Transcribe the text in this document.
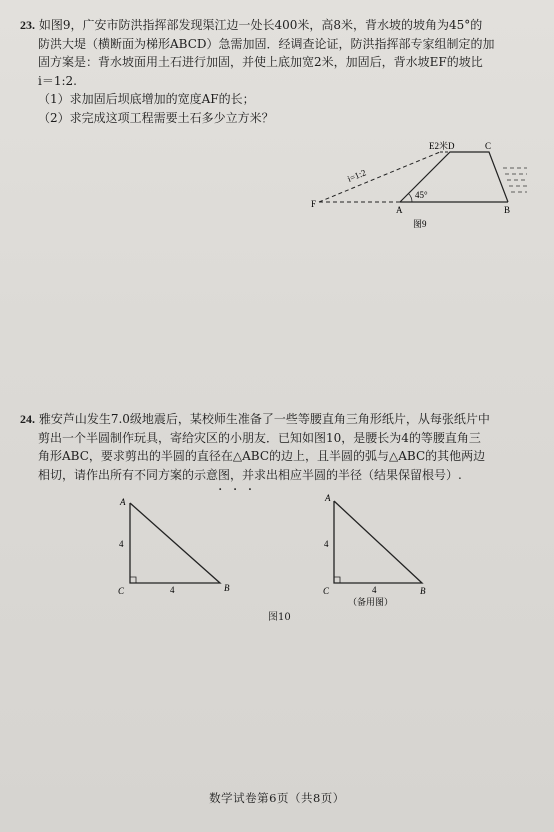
23. 如图9，广安市防洪指挥部发现渠江边一处长400米，高8米，背水坡的坡角为45°的

防洪大堤（横断面为梯形ABCD）急需加固．经调查论证，防洪指挥部专家组制定的加

固方案是：背水坡面用土石进行加固，并使上底加宽2米，加固后，背水坡EF的坡比

i＝1:2.

（1）求加固后坝底增加的宽度AF的长；

（2）求完成这项工程需要土石多少立方米？

45°
i=1:2
E2米D	C
F
A	B
图9

24. 雅安芦山发生7.0级地震后，某校师生准备了一些等腰直角三角形纸片，从每张纸片中

剪出一个半圆制作玩具，寄给灾区的小朋友．已知如图10，是腰长为4的等腰直角三

角形ABC，要求剪出的半圆的直径在△ABC的边上，且半圆的弧与△ABC的其他两边

相切，请作出所有不同方案的示意图，并求出相应半圆的半径（结果保留根号）.

· · ·
A
B
C
4
4
A
B
C
4
4
（备用图）
图10
数学试卷第6页（共8页）
